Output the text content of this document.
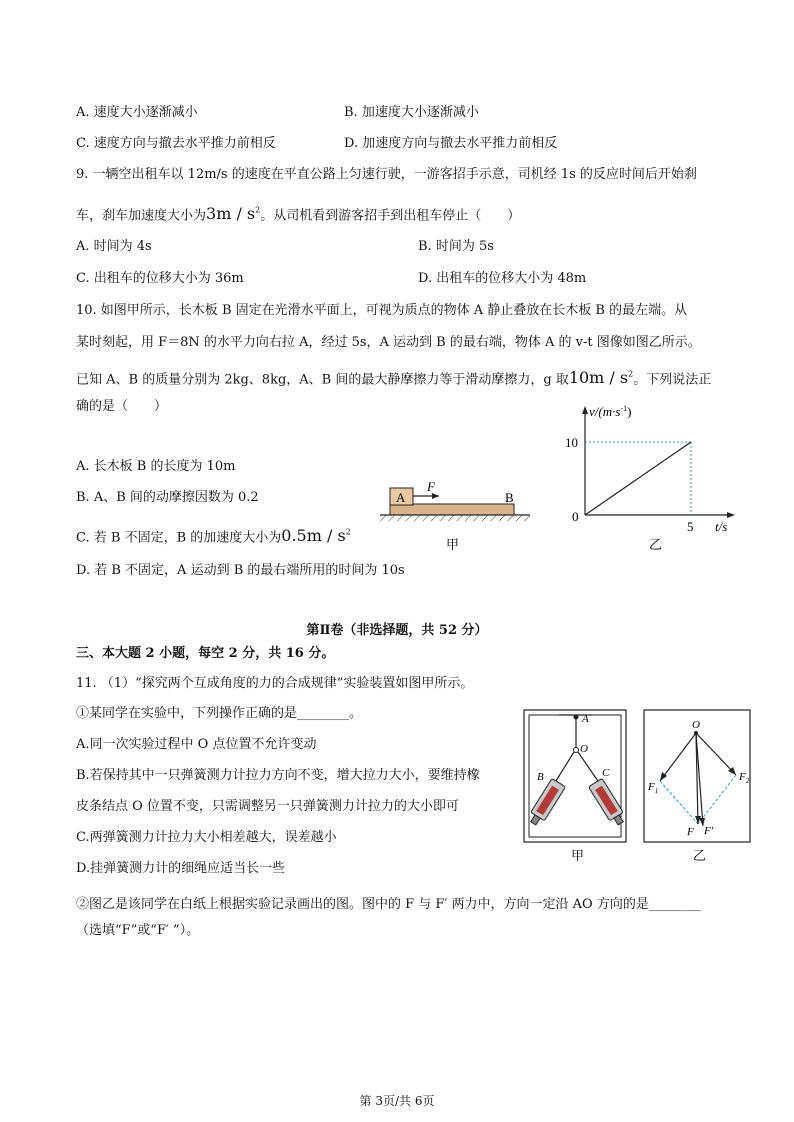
A. 速度大小逐渐减小	B. 加速度大小逐渐减小
C. 速度方向与撤去水平推力前相反	D. 加速度方向与撤去水平推力前相反
9. 一辆空出租车以 12m/s 的速度在平直公路上匀速行驶，一游客招手示意，司机经 1s 的反应时间后开始刹
车，刹车加速度大小为$3m / s^2$。从司机看到游客招手到出租车停止（　　）
A. 时间为 4s	B. 时间为 5s
C. 出租车的位移大小为 36m	D. 出租车的位移大小为 48m
10. 如图甲所示，长木板 B 固定在光滑水平面上，可视为质点的物体 A 静止叠放在长木板 B 的最左端。从
某时刻起，用 F＝8N 的水平力向右拉 A，经过 5s，A 运动到 B 的最右端，物体 A 的 v-t 图像如图乙所示。
已知 A、B 的质量分别为 2kg、8kg，A、B 间的最大静摩擦力等于滑动摩擦力，g 取$10m / s^2$。下列说法正
确的是（　　）
A. 长木板 B 的长度为 10m
B. A、B 间的动摩擦因数为 0.2
C. 若 B 不固定，B 的加速度大小为$0.5m / s^2$
D. 若 B 不固定，A 运动到 B 的最右端所用的时间为 10s
A
F
B
甲
$v/(m\cdot s^{-1})$
10
0
5 t/s
乙
第Ⅱ卷（非选择题，共 52 分）
三、本大题 2 小题，每空 2 分，共 16 分。
11. （1）“探究两个互成角度的力的合成规律”实验装置如图甲所示。
①某同学在实验中，下列操作正确的是________。
A.同一次实验过程中 O 点位置不允许变动
B.若保持其中一只弹簧测力计拉力方向不变，增大拉力大小，要维持橡
皮条结点 O 位置不变，只需调整另一只弹簧测力计拉力的大小即可
C.两弹簧测力计拉力大小相差越大，误差越小
D.挂弹簧测力计的细绳应适当长一些
②图乙是该同学在白纸上根据实验记录画出的图。图中的 F 与 F′ 两力中，方向一定沿 AO 方向的是________
（选填“F”或“F′ ”）。
A
O
B	C
甲
O
$F_1$
$F_2$
F F′
乙
第 3页/共 6页
